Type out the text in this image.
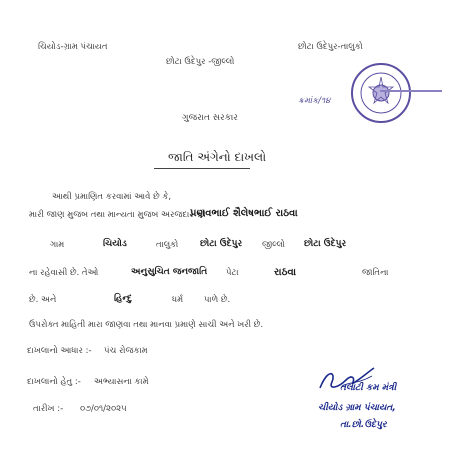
ચિયોડ-ગ્રામ પંચાયત	છોટા ઉદેપુર-તાલુકો
છોટા ઉદેપુર -જીલ્લો
ક્રમાંક/૧૪
ગુજરાત સરકાર
જાતિ અંગેનો દાખલો
આથી પ્રમાણિત કરવામાં આવે છે કે,
મારી જાણ મુજબ તથા માન્યતા મુજબ અરજદાર શ્રી
પ્રણવભાઈ શૈલેષભાઈ રાઠવા
ગામ	ચિયોડ	તાલુકો છોટા ઉદેપુર જીલ્લો છોટા ઉદેપુર
ના રહેવાસી છે. તેઓ	અનુસુચિત જનજાતિ પેટા	રાઠવા	જાતિના
છે. અને	હિન્દુ	ધર્મ પાળે છે.
ઉપરોક્ત માહિતી મારા જાણવા તથા માનવા પ્રમાણે સાચી અને ખરી છે.
દાખલાનો આધાર :- પંચ રોજકામ
દાખલાનો હેતુ :- અભ્યાસના કામે
તારીખ :- ૦૭/૦૧/૨૦૨૫
તલાટી કમ મંત્રી
ચીયોડ ગ્રામ પંચાયત,
તા.છો.ઉદેપુર
